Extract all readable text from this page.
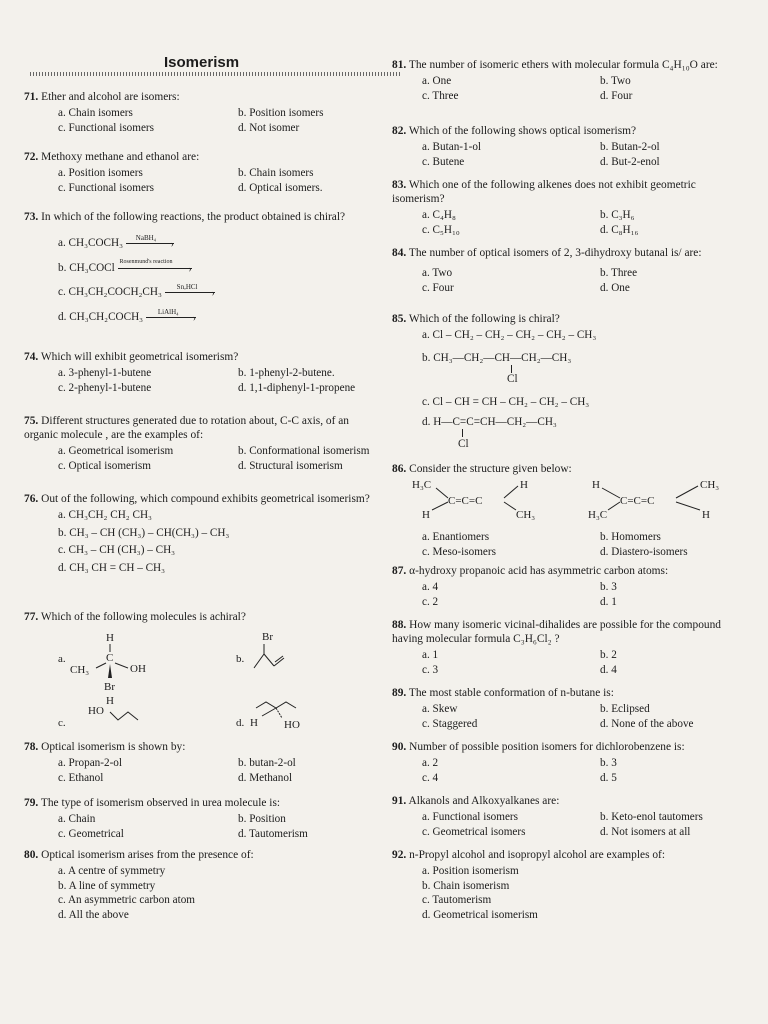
Isomerism
71. Ether and alcohol are isomers:
a. Chain isomers	b. Position isomers
c. Functional isomers	d. Not isomer
72. Methoxy methane and ethanol are:
a. Position isomers	b. Chain isomers
c. Functional isomers	d. Optical isomers.
73. In which of the following reactions, the product obtained is chiral?
a. CH₃COCH₃ NaBH₄
›
b. CH₃COCl Rosenmund's reaction
›
c. CH₃CH₂COCH₂CH₃ Sn,HCl
›
d. CH₃CH₂COCH₃ LiAlH₄
›
74. Which will exhibit geometrical isomerism?
a. 3-phenyl-1-butene	b. 1-phenyl-2-butene.
c. 2-phenyl-1-butene	d. 1,1-diphenyl-1-propene
75. Different structures generated due to rotation about, C-C axis, of an organic molecule , are the examples of:
a. Geometrical isomerism	b. Conformational isomerism
c. Optical isomerism	d. Structural isomerism
76. Out of the following, which compound exhibits geometrical isomerism?
a. CH₃CH₂ CH₂ CH₃
b. CH₃ – CH (CH₃) – CH(CH₃) – CH₃
c. CH₃ – CH (CH₃) – CH₃
d. CH₃ CH = CH – CH₃
77. Which of the following molecules is achiral?
a.
H
C
CH₃	OH
Br
b.
Br
c.
HO
H
d. H HO
78. Optical isomerism is shown by:
a. Propan-2-ol	b. butan-2-ol
c. Ethanol	d. Methanol
79. The type of isomerism observed in urea molecule is:
a. Chain	b. Position
c. Geometrical	d. Tautomerism
80. Optical isomerism arises from the presence of:
a. A centre of symmetry
b. A line of symmetry
c. An asymmetric carbon atom
d. All the above
81. The number of isomeric ethers with molecular formula C₄H₁₀O are:
a. One	b. Two
c. Three	d. Four
82. Which of the following shows optical isomerism?
a. Butan-1-ol	b. Butan-2-ol
c. Butene	d. But-2-enol
83. Which one of the following alkenes does not exhibit geometric isomerism?
a. C₄H₈	b. C₃H₆
c. C₅H₁₀	d. C₈H₁₆
84. The number of optical isomers of 2, 3-dihydroxy butanal is/ are:
a. Two	b. Three
c. Four	d. One
85. Which of the following is chiral?
a. Cl – CH₂ – CH₂ – CH₂ – CH₂ – CH₃
b. CH₃—CH₂—CH—CH₂—CH₃
Cl
c. Cl – CH = CH – CH₂ – CH₂ – CH₃
d. H—C=C=CH—CH₂—CH₃
Cl
86. Consider the structure given below:
H₃C	H
C=C=C
H	CH₃
H	CH₃
C=C=C
H₃C	H
a. Enantiomers	b. Homomers
c. Meso-isomers	d. Diastero-isomers
87. α-hydroxy propanoic acid has asymmetric carbon atoms:
a. 4	b. 3
c. 2	d. 1
88. How many isomeric vicinal-dihalides are possible for the compound having molecular formula C₃H₆Cl₂ ?
a. 1	b. 2
c. 3	d. 4
89. The most stable conformation of n-butane is:
a. Skew	b. Eclipsed
c. Staggered	d. None of the above
90. Number of possible position isomers for dichlorobenzene is:
a. 2	b. 3
c. 4	d. 5
91. Alkanols and Alkoxyalkanes are:
a. Functional isomers	b. Keto-enol tautomers
c. Geometrical isomers	d. Not isomers at all
92. n-Propyl alcohol and isopropyl alcohol are examples of:
a. Position isomerism
b. Chain isomerism
c. Tautomerism
d. Geometrical isomerism
